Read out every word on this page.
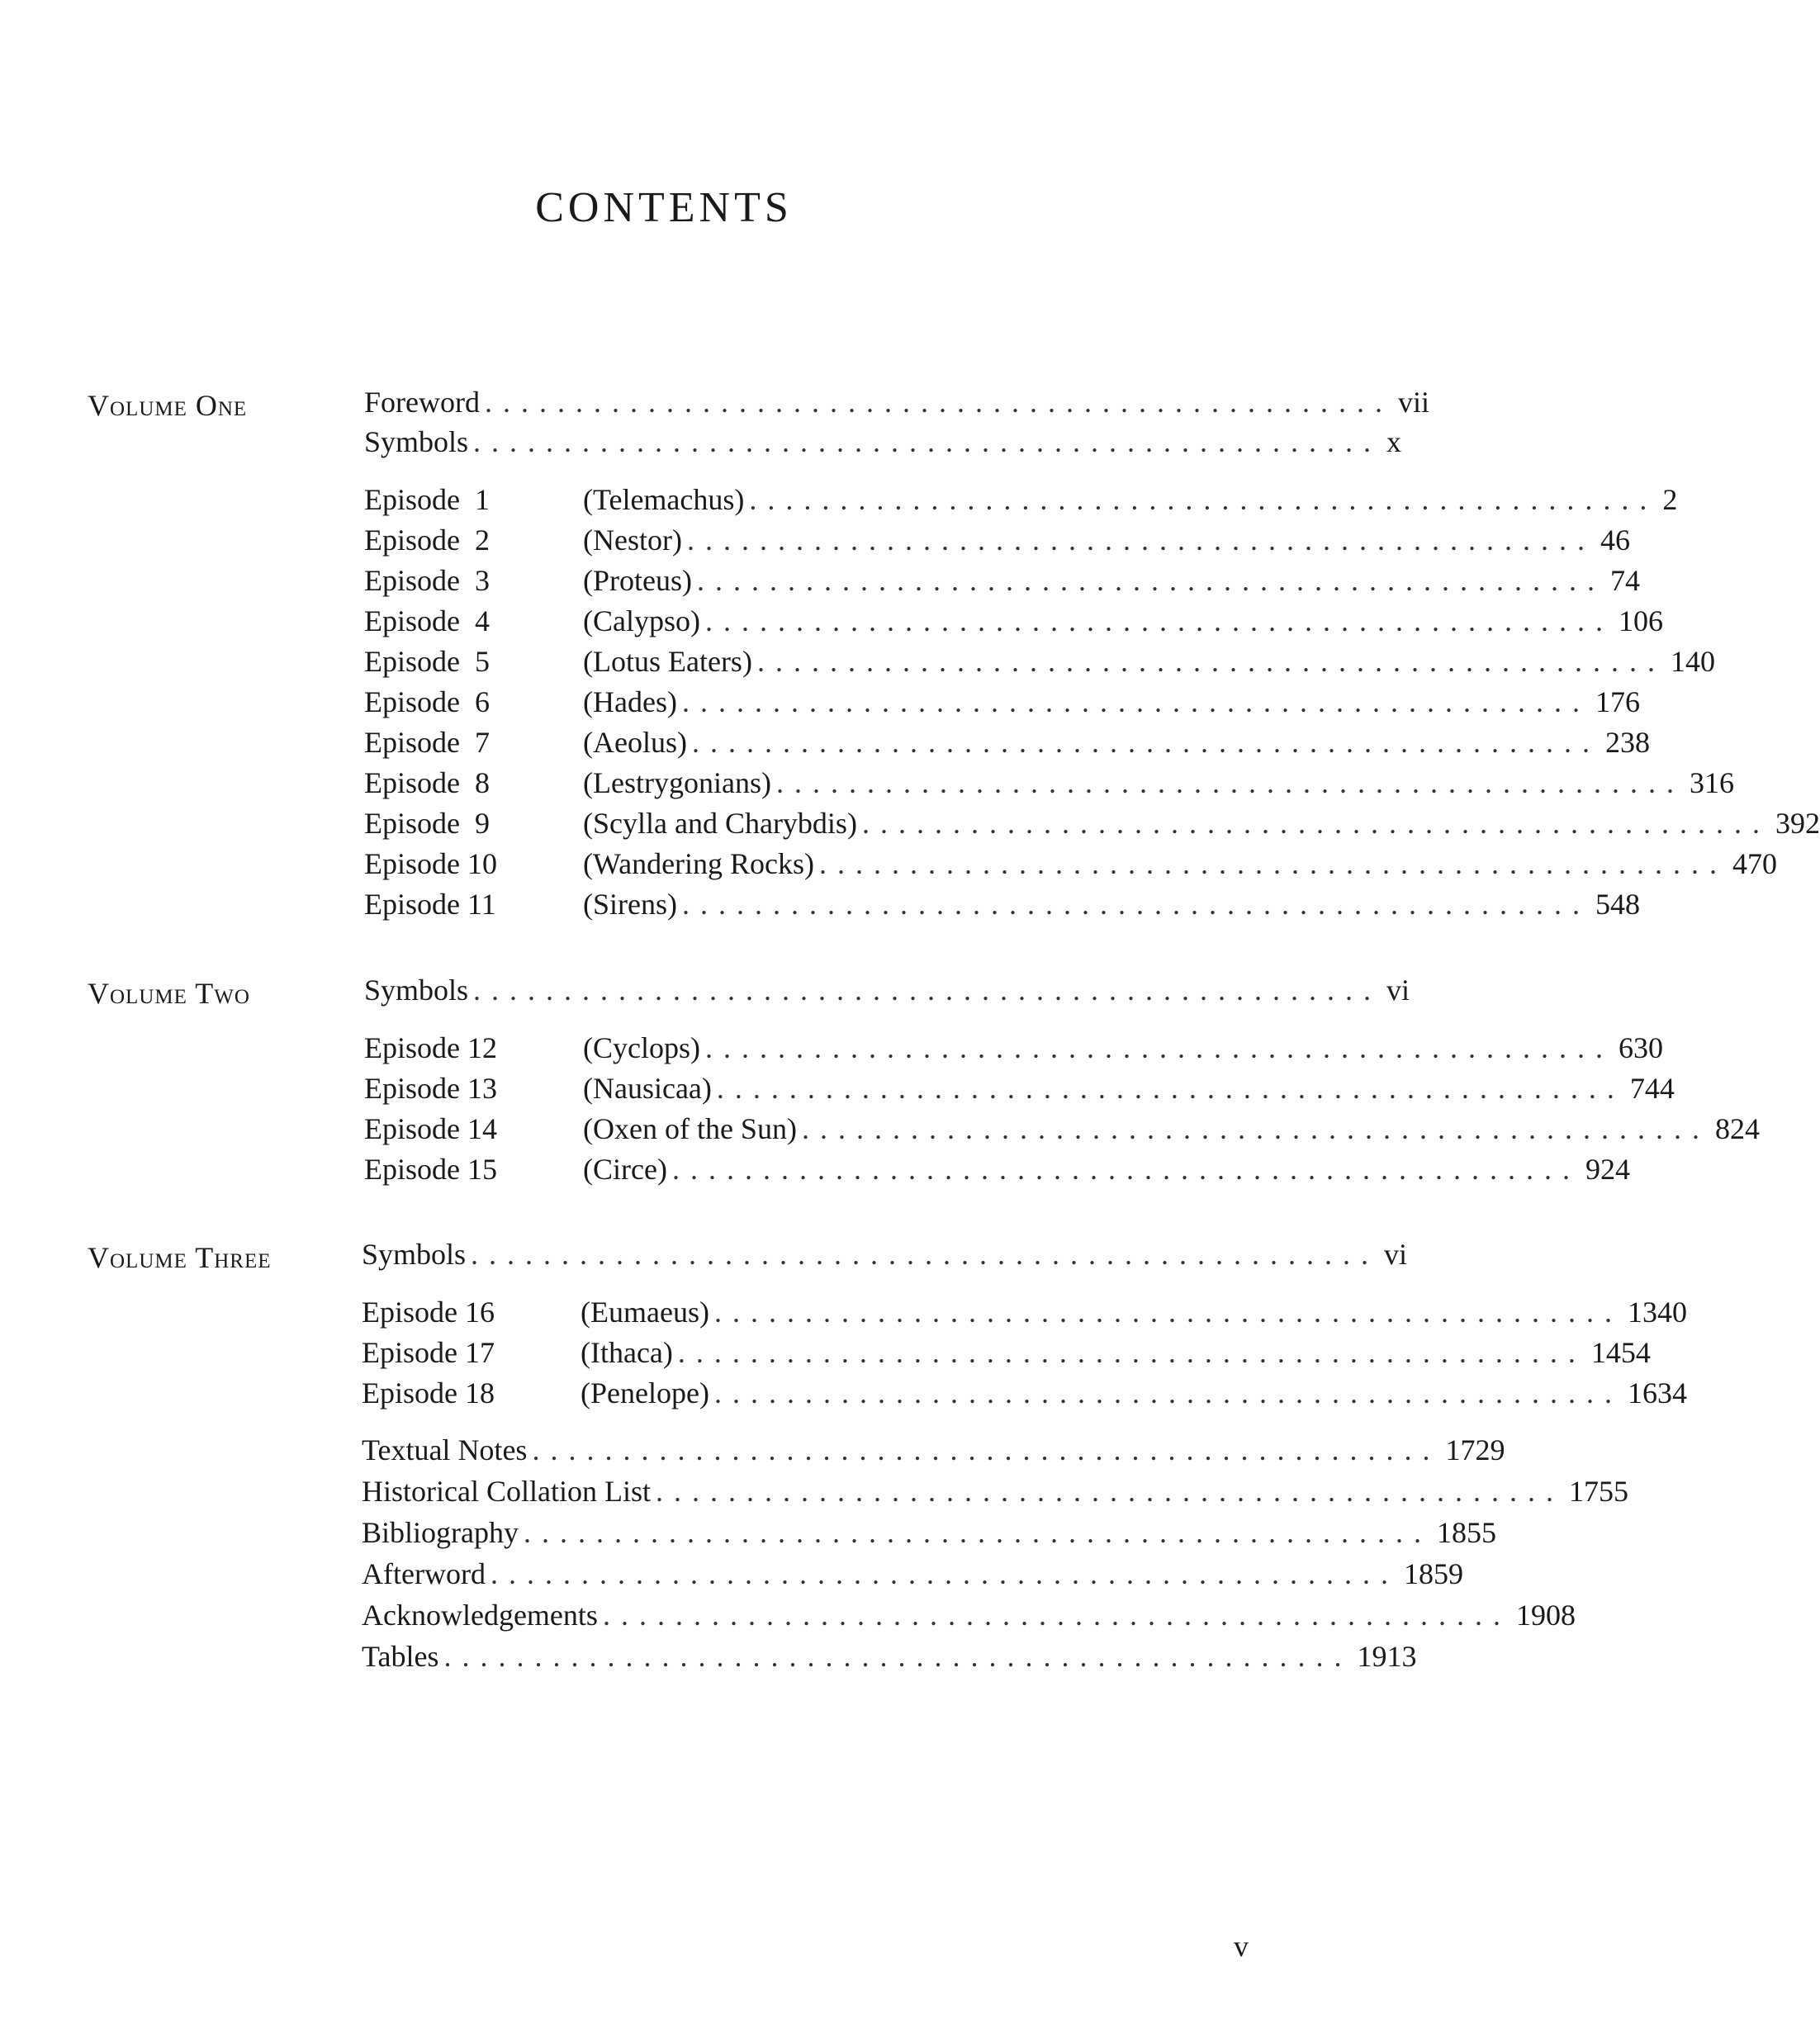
CONTENTS
Volume One	Foreword .................................................. vii
Symbols .................................................. x
Episode  1	(Telemachus) .................................................. 2
Episode  2	(Nestor) .................................................. 46
Episode  3	(Proteus) .................................................. 74
Episode  4	(Calypso) .................................................. 106
Episode  5	(Lotus Eaters) .................................................. 140
Episode  6	(Hades) .................................................. 176
Episode  7	(Aeolus) .................................................. 238
Episode  8	(Lestrygonians) .................................................. 316
Episode  9	(Scylla and Charybdis) .................................................. 392
Episode 10	(Wandering Rocks) .................................................. 470
Episode 11	(Sirens) .................................................. 548
Volume Two	Symbols .................................................. vi
Episode 12	(Cyclops) .................................................. 630
Episode 13	(Nausicaa) .................................................. 744
Episode 14	(Oxen of the Sun) .................................................. 824
Episode 15	(Circe) .................................................. 924
Volume Three	Symbols .................................................. vi
Episode 16	(Eumaeus) .................................................. 1340
Episode 17	(Ithaca) .................................................. 1454
Episode 18	(Penelope) .................................................. 1634
Textual Notes .................................................. 1729
Historical Collation List .................................................. 1755
Bibliography .................................................. 1855
Afterword .................................................. 1859
Acknowledgements .................................................. 1908
Tables .................................................. 1913
v
